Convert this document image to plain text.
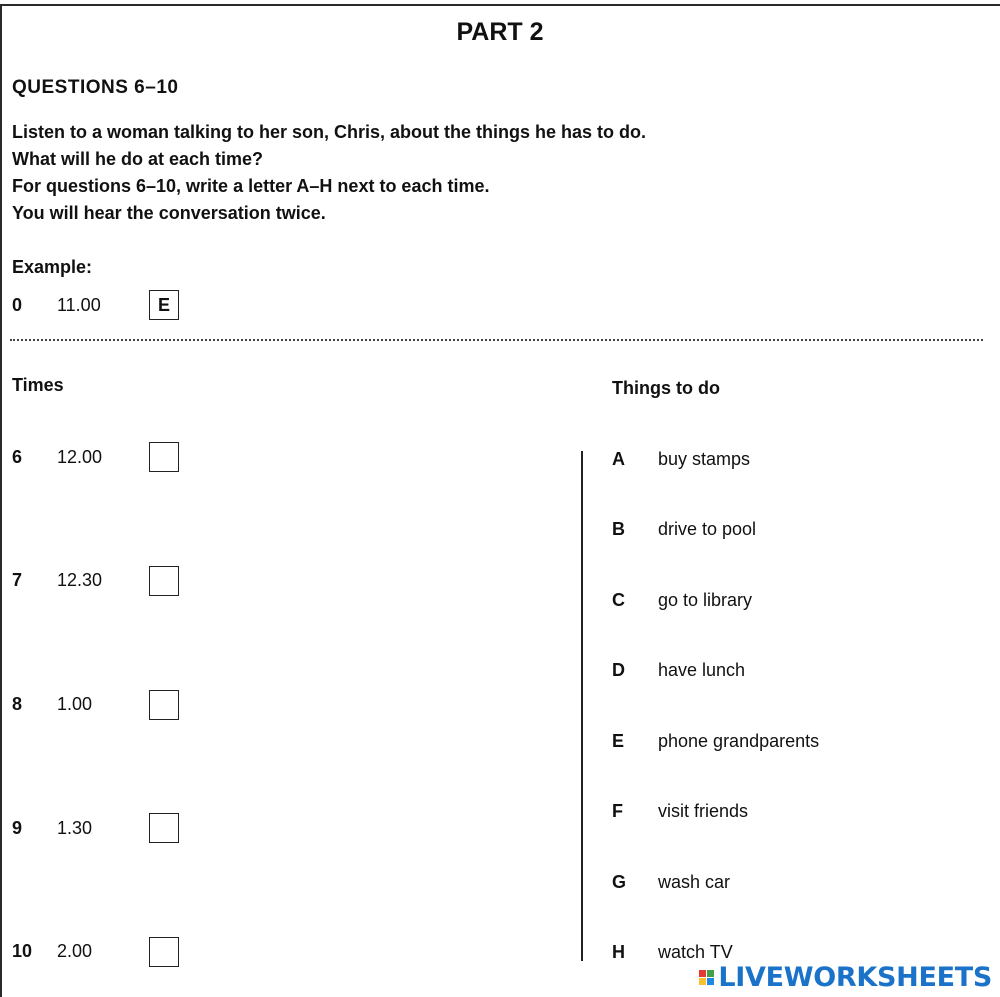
PART 2
QUESTIONS 6–10
Listen to a woman talking to her son, Chris, about the things he has to do.
What will he do at each time?
For questions 6–10, write a letter A–H next to each time.
You will hear the conversation twice.
Example:
0 11.00	E
Times	Things to do
6 12.00
7 12.30
8 1.00
9 1.30
10 2.00
A buy stamps
B drive to pool
C go to library
D have lunch
E phone grandparents
F visit friends
G wash car
H watch TV
LIVEWORKSHEETS
